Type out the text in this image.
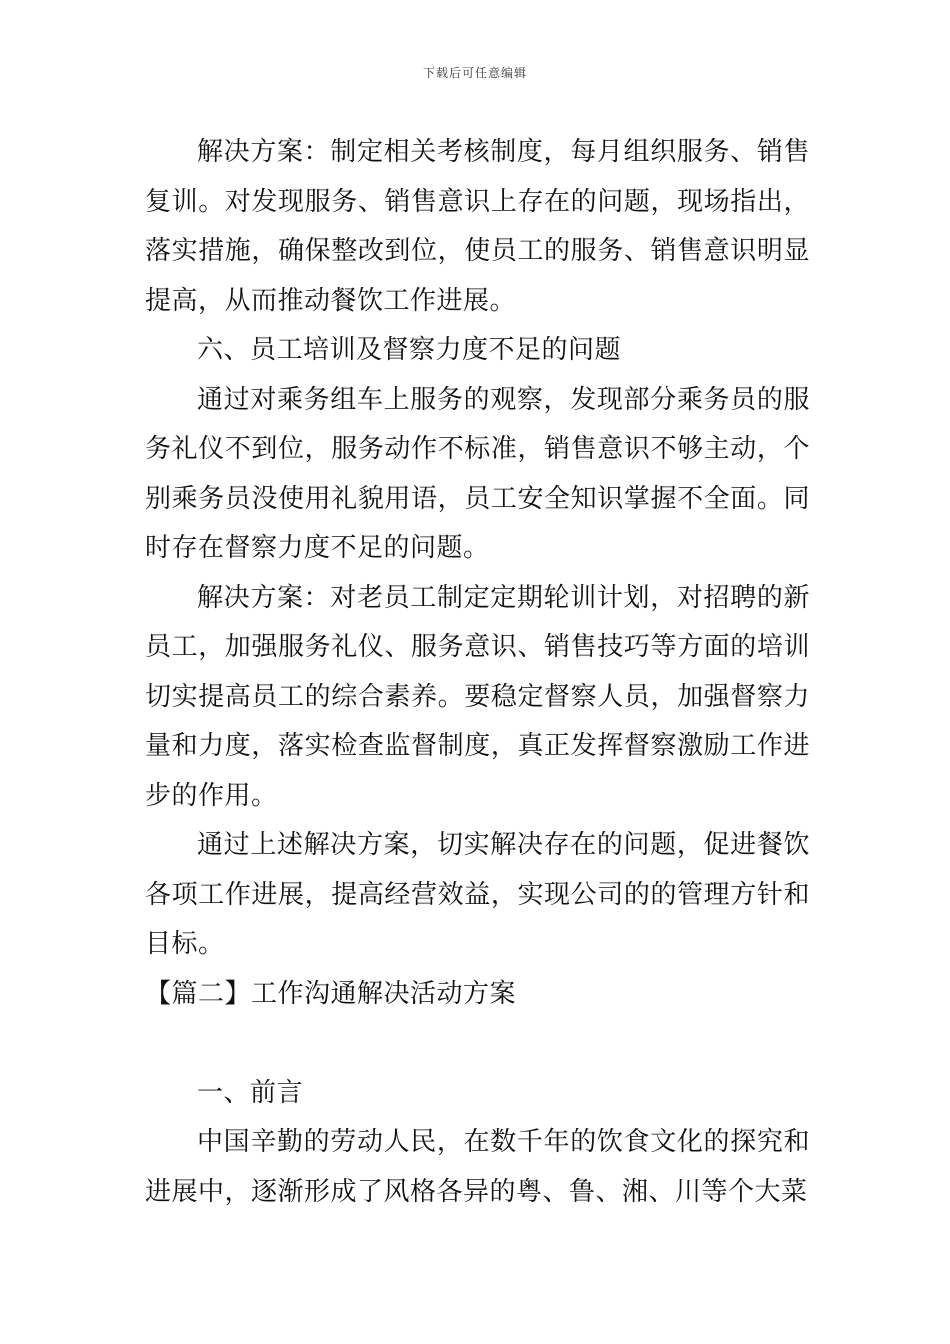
下载后可任意编辑

解决方案：制定相关考核制度，每月组织服务、销售复训。对发现服务、销售意识上存在的问题，现场指出，落实措施，确保整改到位，使员工的服务、销售意识明显提高，从而推动餐饮工作进展。

六、员工培训及督察力度不足的问题

通过对乘务组车上服务的观察，发现部分乘务员的服务礼仪不到位，服务动作不标准，销售意识不够主动，个别乘务员没使用礼貌用语，员工安全知识掌握不全面。同时存在督察力度不足的问题。

解决方案：对老员工制定定期轮训计划，对招聘的新员工，加强服务礼仪、服务意识、销售技巧等方面的培训切实提高员工的综合素养。要稳定督察人员，加强督察力量和力度，落实检查监督制度，真正发挥督察激励工作进步的作用。

通过上述解决方案，切实解决存在的问题，促进餐饮各项工作进展，提高经营效益，实现公司的的管理方针和目标。

【篇二】工作沟通解决活动方案

一、前言

中国辛勤的劳动人民，在数千年的饮食文化的探究和进展中，逐渐形成了风格各异的粤、鲁、湘、川等个大菜
